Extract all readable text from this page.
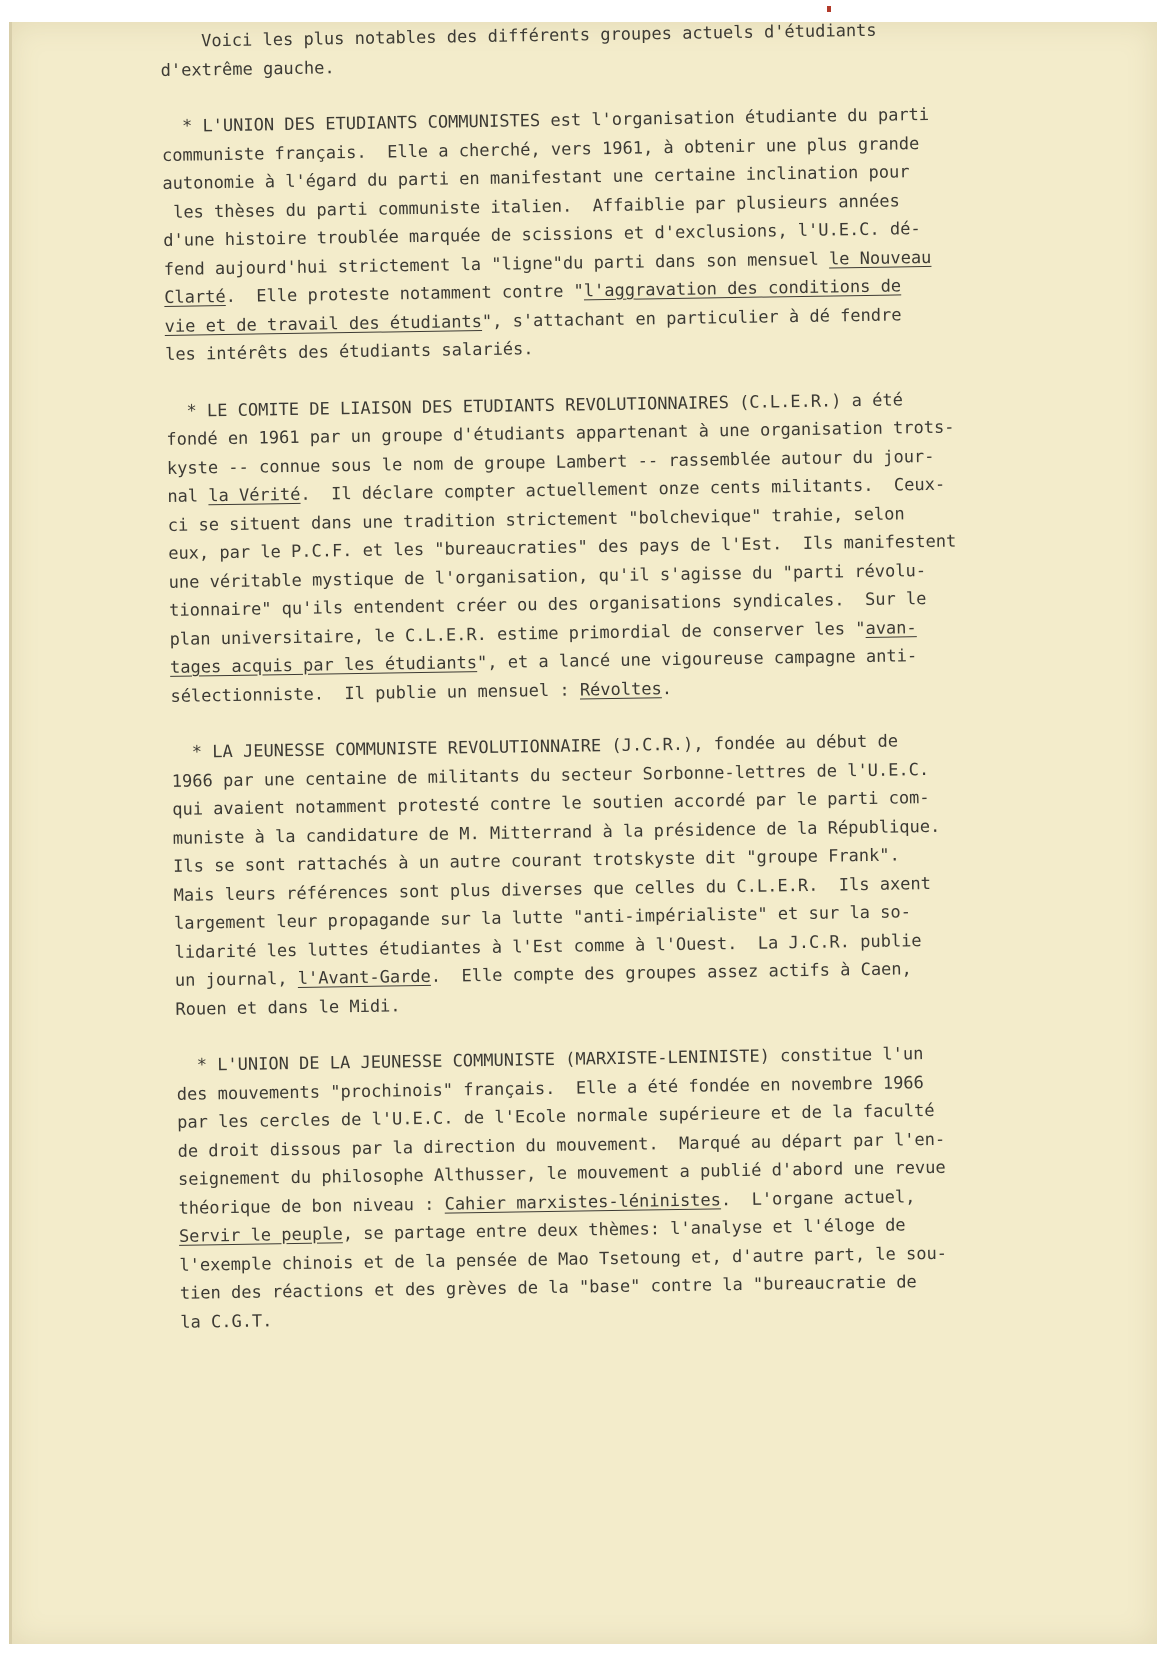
Voici les plus notables des différents groupes actuels d'étudiants
d'extrême gauche.
* L'UNION DES ETUDIANTS COMMUNISTES est l'organisation étudiante du parti
communiste français.  Elle a cherché, vers 1961, à obtenir une plus grande
autonomie à l'égard du parti en manifestant une certaine inclination pour
les thèses du parti communiste italien.  Affaiblie par plusieurs années
d'une histoire troublée marquée de scissions et d'exclusions, l'U.E.C. dé-
fend aujourd'hui strictement la "ligne"du parti dans son mensuel le Nouveau
Clarté.  Elle proteste notamment contre "l'aggravation des conditions de
vie et de travail des étudiants", s'attachant en particulier à dé fendre
les intérêts des étudiants salariés.
* LE COMITE DE LIAISON DES ETUDIANTS REVOLUTIONNAIRES (C.L.E.R.) a été
fondé en 1961 par un groupe d'étudiants appartenant à une organisation trots-
kyste -- connue sous le nom de groupe Lambert -- rassemblée autour du jour-
nal la Vérité.  Il déclare compter actuellement onze cents militants.  Ceux-
ci se situent dans une tradition strictement "bolchevique" trahie, selon
eux, par le P.C.F. et les "bureaucraties" des pays de l'Est.  Ils manifestent
une véritable mystique de l'organisation, qu'il s'agisse du "parti révolu-
tionnaire" qu'ils entendent créer ou des organisations syndicales.  Sur le
plan universitaire, le C.L.E.R. estime primordial de conserver les "avan-
tages acquis par les étudiants", et a lancé une vigoureuse campagne anti-
sélectionniste.  Il publie un mensuel : Révoltes.
* LA JEUNESSE COMMUNISTE REVOLUTIONNAIRE (J.C.R.), fondée au début de
1966 par une centaine de militants du secteur Sorbonne-lettres de l'U.E.C.
qui avaient notamment protesté contre le soutien accordé par le parti com-
muniste à la candidature de M. Mitterrand à la présidence de la République.
Ils se sont rattachés à un autre courant trotskyste dit "groupe Frank".
Mais leurs références sont plus diverses que celles du C.L.E.R.  Ils axent
largement leur propagande sur la lutte "anti-impérialiste" et sur la so-
lidarité les luttes étudiantes à l'Est comme à l'Ouest.  La J.C.R. publie
un journal, l'Avant-Garde.  Elle compte des groupes assez actifs à Caen,
Rouen et dans le Midi.
* L'UNION DE LA JEUNESSE COMMUNISTE (MARXISTE-LENINISTE) constitue l'un
des mouvements "prochinois" français.  Elle a été fondée en novembre 1966
par les cercles de l'U.E.C. de l'Ecole normale supérieure et de la faculté
de droit dissous par la direction du mouvement.  Marqué au départ par l'en-
seignement du philosophe Althusser, le mouvement a publié d'abord une revue
théorique de bon niveau : Cahier marxistes-léninistes.  L'organe actuel,
Servir le peuple, se partage entre deux thèmes: l'analyse et l'éloge de
l'exemple chinois et de la pensée de Mao Tsetoung et, d'autre part, le sou-
tien des réactions et des grèves de la "base" contre la "bureaucratie de
la C.G.T.
